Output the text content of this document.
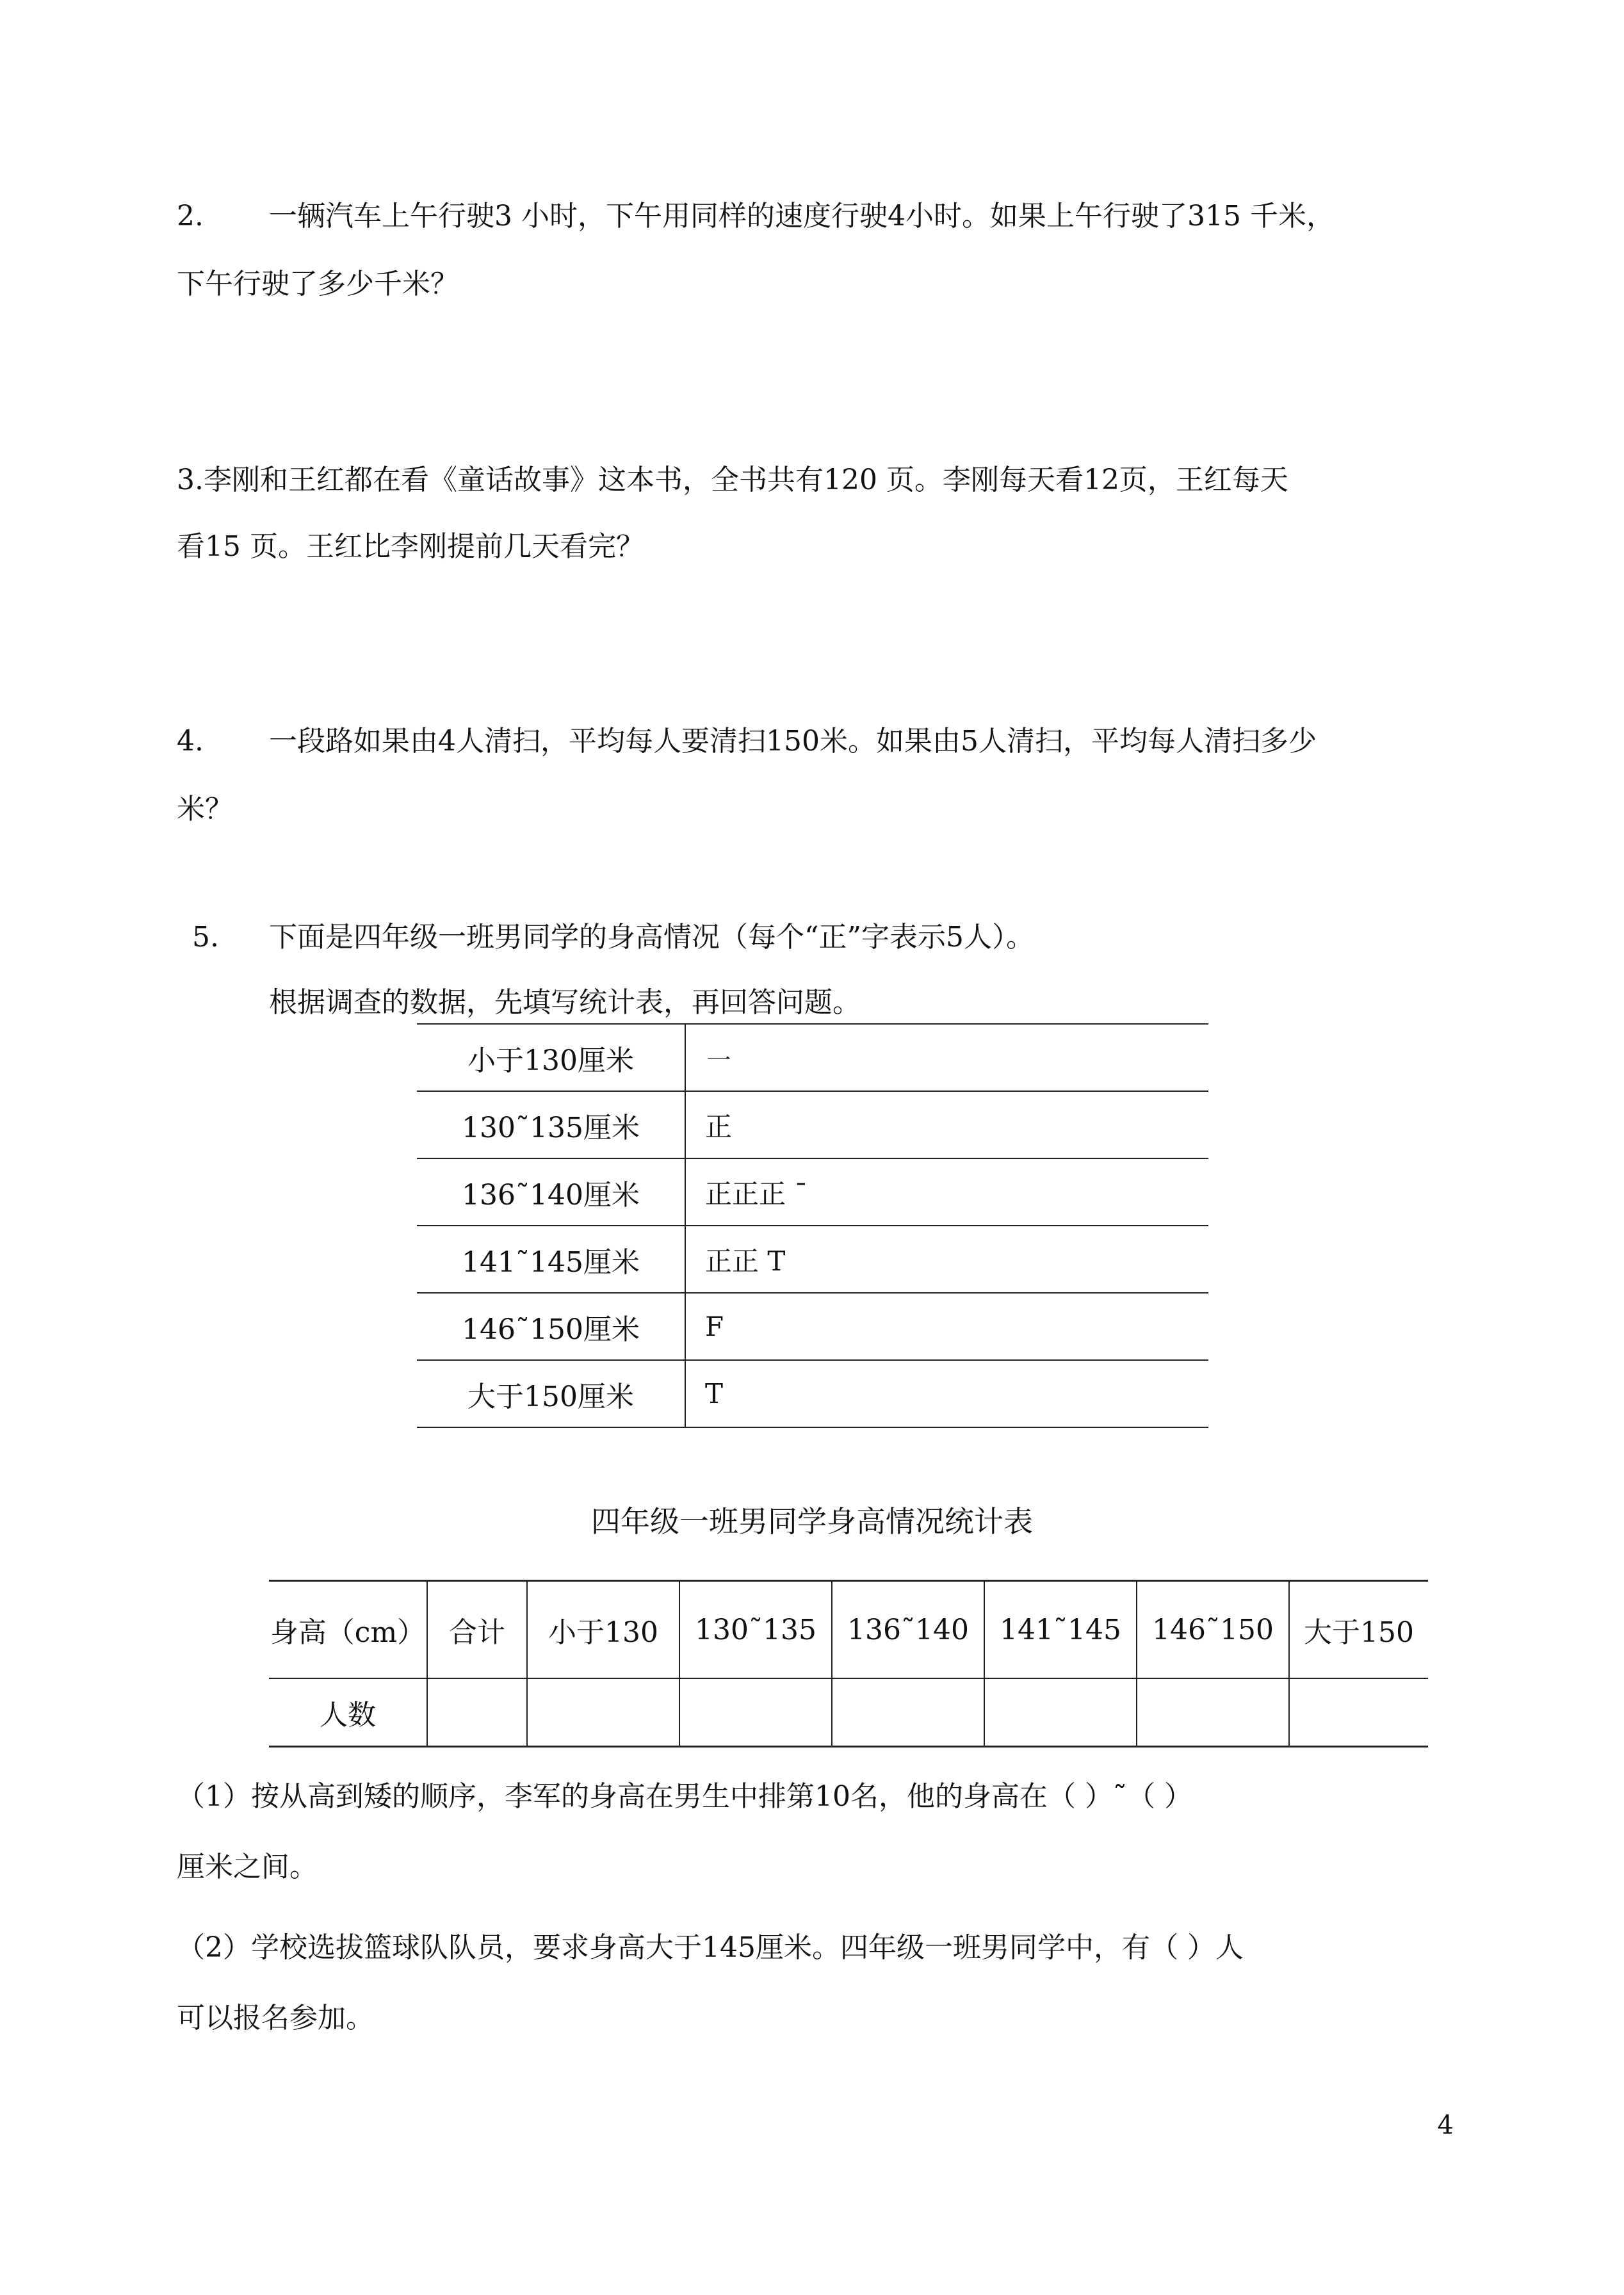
2. 一辆汽车上午行驶3 小时，下午用同样的速度行驶4小时。如果上午行驶了315 千米，
下午行驶了多少千米？
3.李刚和王红都在看《童话故事》这本书，全书共有120 页。李刚每天看12页，王红每天
看15 页。王红比李刚提前几天看完？
4. 一段路如果由4人清扫，平均每人要清扫150米。如果由5人清扫，平均每人清扫多少
米？
5. 下面是四年级一班男同学的身高情况（每个“正”字表示5人）。
根据调查的数据，先填写统计表，再回答问题。
小于130厘米	㇐
130˜135厘米	正
136˜140厘米	正正正 ˉ
141˜145厘米	正正 T
146˜150厘米	F
大于150厘米	T
四年级一班男同学身高情况统计表
身高（cm）	合计	小于130	130˜135	136˜140	141˜145	146˜150	大于150
人数							
（1）按从高到矮的顺序，李军的身高在男生中排第10名，他的身高在（ ）˜（ ）
厘米之间。
（2）学校选拔篮球队队员，要求身高大于145厘米。四年级一班男同学中，有（ ）人
可以报名参加。
4
